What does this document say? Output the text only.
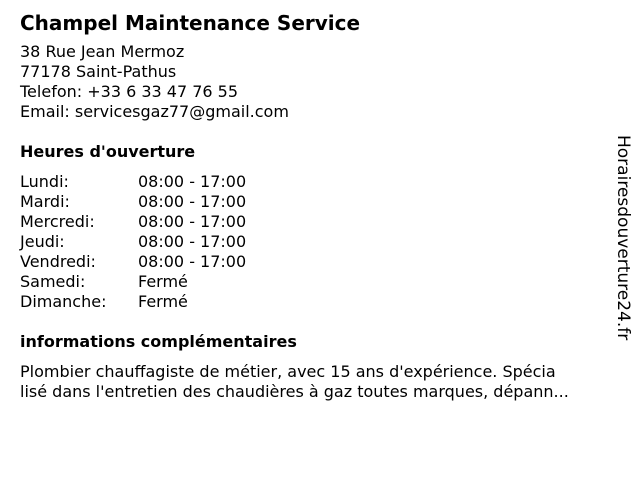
Champel Maintenance Service
38 Rue Jean Mermoz
77178 Saint-Pathus
Telefon: +33 6 33 47 76 55
Email: servicesgaz77@gmail.com
Heures d'ouverture
Lundi:	08:00 - 17:00
Mardi:	08:00 - 17:00
Mercredi:	08:00 - 17:00
Jeudi:	08:00 - 17:00
Vendredi:	08:00 - 17:00
Samedi:	Fermé
Dimanche:	Fermé
informations complémentaires
Plombier chauffagiste de métier, avec 15 ans d'expérience. Spécia
lisé dans l'entretien des chaudières à gaz toutes marques, dépann...
Horairesdouverture24.fr
